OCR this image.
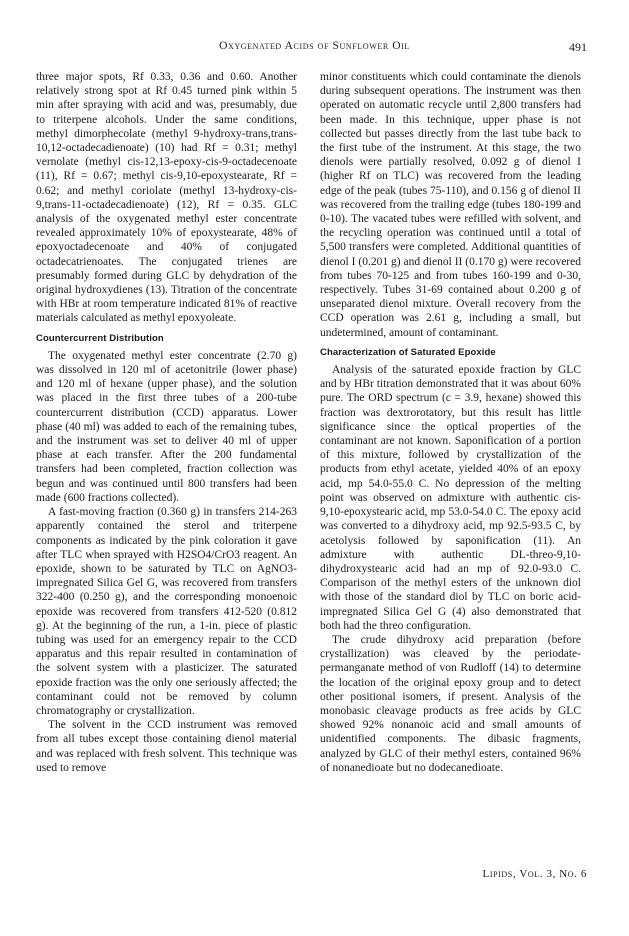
Oxygenated Acids of Sunflower Oil	491

three major spots, Rf 0.33, 0.36 and 0.60. Another relatively strong spot at Rf 0.45 turned pink within 5 min after spraying with acid and was, presumably, due to triterpene alcohols. Under the same conditions, methyl dimorphecolate (methyl 9-hydroxy-trans,trans-10,12-octadecadienoate) (10) had Rf = 0.31; methyl vernolate (methyl cis-12,13-epoxy-cis-9-octadecenoate (11), Rf = 0.67; methyl cis-9,10-epoxystearate, Rf = 0.62; and methyl coriolate (methyl 13-hydroxy-cis-9,trans-11-octadecadienoate) (12), Rf = 0.35. GLC analysis of the oxygenated methyl ester concentrate revealed approximately 10% of epoxystearate, 48% of epoxyoctadecenoate and 40% of conjugated octadecatrienoates. The conjugated trienes are presumably formed during GLC by dehydration of the original hydroxydienes (13). Titration of the concentrate with HBr at room temperature indicated 81% of reactive materials calculated as methyl epoxyoleate.

Countercurrent Distribution

The oxygenated methyl ester concentrate (2.70 g) was dissolved in 120 ml of acetonitrile (lower phase) and 120 ml of hexane (upper phase), and the solution was placed in the first three tubes of a 200-tube countercurrent distribution (CCD) apparatus. Lower phase (40 ml) was added to each of the remaining tubes, and the instrument was set to deliver 40 ml of upper phase at each transfer. After the 200 fundamental transfers had been completed, fraction collection was begun and was continued until 800 transfers had been made (600 fractions collected).

A fast-moving fraction (0.360 g) in transfers 214-263 apparently contained the sterol and triterpene components as indicated by the pink coloration it gave after TLC when sprayed with H2SO4/CrO3 reagent. An epoxide, shown to be saturated by TLC on AgNO3-impregnated Silica Gel G, was recovered from transfers 322-400 (0.250 g), and the corresponding monoenoic epoxide was recovered from transfers 412-520 (0.812 g). At the beginning of the run, a 1-in. piece of plastic tubing was used for an emergency repair to the CCD apparatus and this repair resulted in contamination of the solvent system with a plasticizer. The saturated epoxide fraction was the only one seriously affected; the contaminant could not be removed by column chromatography or crystallization.

The solvent in the CCD instrument was removed from all tubes except those containing dienol material and was replaced with fresh solvent. This technique was used to remove

minor constituents which could contaminate the dienols during subsequent operations. The instrument was then operated on automatic recycle until 2,800 transfers had been made. In this technique, upper phase is not collected but passes directly from the last tube back to the first tube of the instrument. At this stage, the two dienols were partially resolved, 0.092 g of dienol I (higher Rf on TLC) was recovered from the leading edge of the peak (tubes 75-110), and 0.156 g of dienol II was recovered from the trailing edge (tubes 180-199 and 0-10). The vacated tubes were refilled with solvent, and the recycling operation was continued until a total of 5,500 transfers were completed. Additional quantities of dienol I (0.201 g) and dienol II (0.170 g) were recovered from tubes 70-125 and from tubes 160-199 and 0-30, respectively. Tubes 31-69 contained about 0.200 g of unseparated dienol mixture. Overall recovery from the CCD operation was 2.61 g, including a small, but undetermined, amount of contaminant.

Characterization of Saturated Epoxide

Analysis of the saturated epoxide fraction by GLC and by HBr titration demonstrated that it was about 60% pure. The ORD spectrum (c = 3.9, hexane) showed this fraction was dextrorotatory, but this result has little significance since the optical properties of the contaminant are not known. Saponification of a portion of this mixture, followed by crystallization of the products from ethyl acetate, yielded 40% of an epoxy acid, mp 54.0-55.0 C. No depression of the melting point was observed on admixture with authentic cis-9,10-epoxystearic acid, mp 53.0-54.0 C. The epoxy acid was converted to a dihydroxy acid, mp 92.5-93.5 C, by acetolysis followed by saponification (11). An admixture with authentic DL-threo-9,10-dihydroxystearic acid had an mp of 92.0-93.0 C. Comparison of the methyl esters of the unknown diol with those of the standard diol by TLC on boric acid-impregnated Silica Gel G (4) also demonstrated that both had the threo configuration.

The crude dihydroxy acid preparation (before crystallization) was cleaved by the periodate-permanganate method of von Rudloff (14) to determine the location of the original epoxy group and to detect other positional isomers, if present. Analysis of the monobasic cleavage products as free acids by GLC showed 92% nonanoic acid and small amounts of unidentified components. The dibasic fragments, analyzed by GLC of their methyl esters, contained 96% of nonanedioate but no dodecanedioate.

Lipids, Vol. 3, No. 6
